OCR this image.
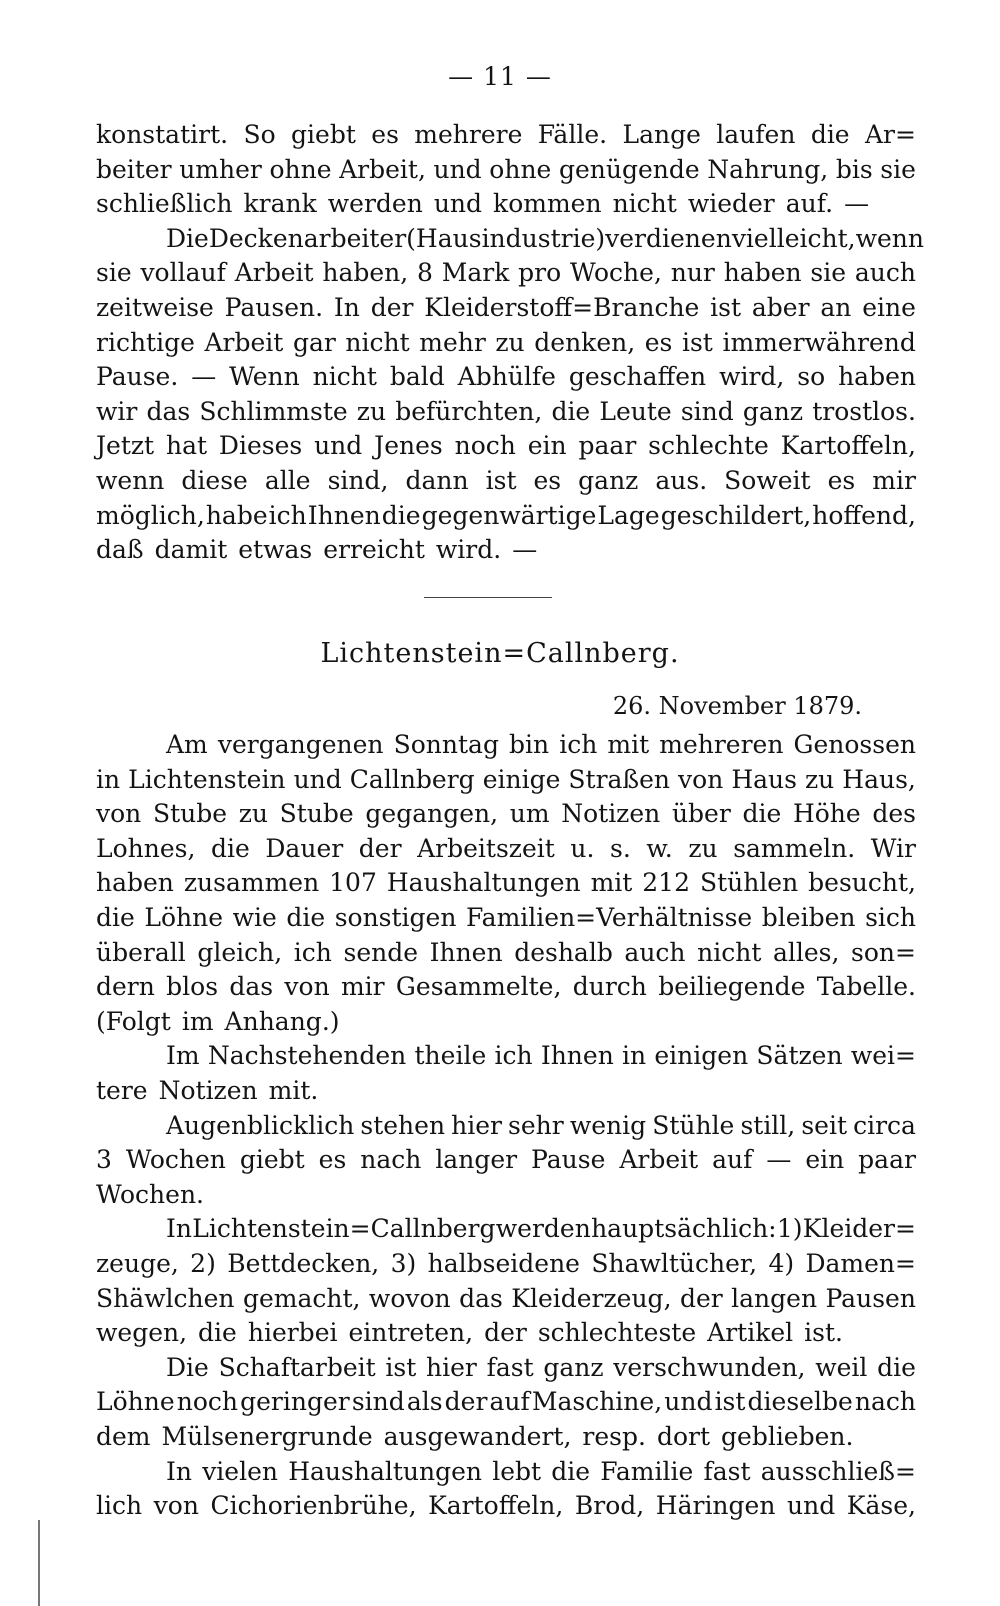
— 11 —
konstatirt. So giebt es mehrere Fälle. Lange laufen die Ar=
beiter umher ohne Arbeit, und ohne genügende Nahrung, bis sie
schließlich krank werden und kommen nicht wieder auf. —
Die Deckenarbeiter (Hausindustrie) verdienen vielleicht, wenn
sie vollauf Arbeit haben, 8 Mark pro Woche, nur haben sie auch
zeitweise Pausen. In der Kleiderstoff=Branche ist aber an eine
richtige Arbeit gar nicht mehr zu denken, es ist immerwährend
Pause. — Wenn nicht bald Abhülfe geschaffen wird, so haben
wir das Schlimmste zu befürchten, die Leute sind ganz trostlos.
Jetzt hat Dieses und Jenes noch ein paar schlechte Kartoffeln,
wenn diese alle sind, dann ist es ganz aus. Soweit es mir
möglich, habe ich Ihnen die gegenwärtige Lage geschildert, hoffend,
daß damit etwas erreicht wird. —
Lichtenstein=Callnberg.
26. November 1879.
Am vergangenen Sonntag bin ich mit mehreren Genossen
in Lichtenstein und Callnberg einige Straßen von Haus zu Haus,
von Stube zu Stube gegangen, um Notizen über die Höhe des
Lohnes, die Dauer der Arbeitszeit u. s. w. zu sammeln. Wir
haben zusammen 107 Haushaltungen mit 212 Stühlen besucht,
die Löhne wie die sonstigen Familien=Verhältnisse bleiben sich
überall gleich, ich sende Ihnen deshalb auch nicht alles, son=
dern blos das von mir Gesammelte, durch beiliegende Tabelle.
(Folgt im Anhang.)
Im Nachstehenden theile ich Ihnen in einigen Sätzen wei=
tere Notizen mit.
Augenblicklich stehen hier sehr wenig Stühle still, seit circa
3 Wochen giebt es nach langer Pause Arbeit auf — ein paar
Wochen.
In Lichtenstein=Callnberg werden hauptsächlich: 1) Kleider=
zeuge, 2) Bettdecken, 3) halbseidene Shawltücher, 4) Damen=
Shäwlchen gemacht, wovon das Kleiderzeug, der langen Pausen
wegen, die hierbei eintreten, der schlechteste Artikel ist.
Die Schaftarbeit ist hier fast ganz verschwunden, weil die
Löhne noch geringer sind als der auf Maschine, und ist dieselbe nach
dem Mülsenergrunde ausgewandert, resp. dort geblieben.
In vielen Haushaltungen lebt die Familie fast ausschließ=
lich von Cichorienbrühe, Kartoffeln, Brod, Häringen und Käse,
